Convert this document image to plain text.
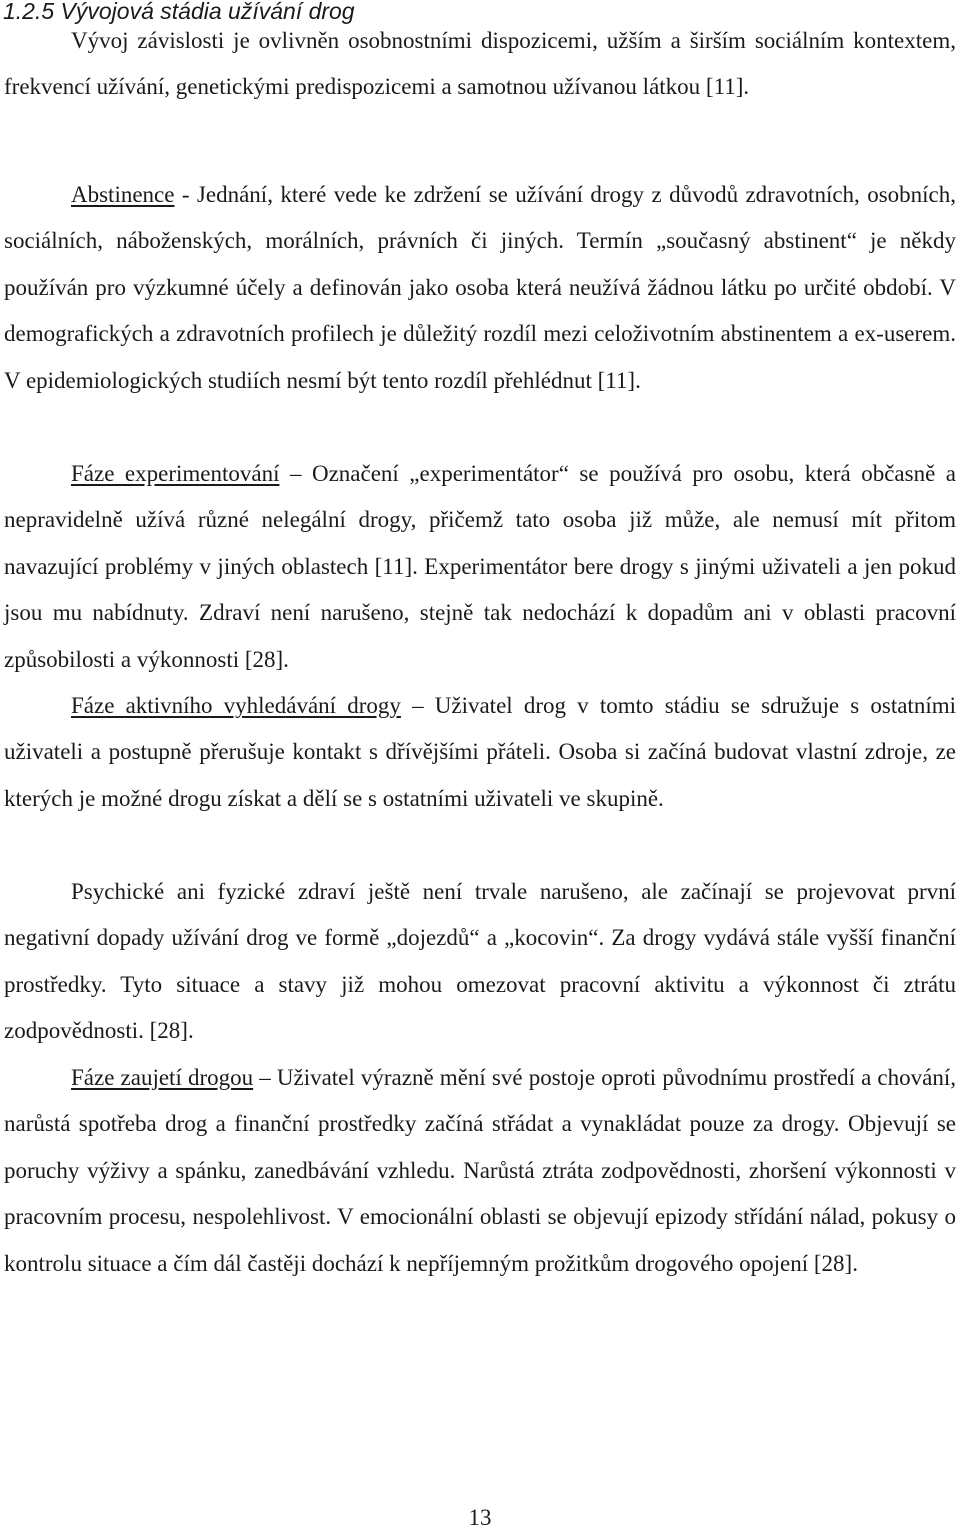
1.2.5 Vývojová stádia užívání drog

Vývoj závislosti je ovlivněn osobnostními dispozicemi, užším a širším sociálním kontextem, frekvencí užívání, genetickými predispozicemi a samotnou užívanou látkou [11].

Abstinence - Jednání, které vede ke zdržení se užívání drogy z důvodů zdravotních, osobních, sociálních, náboženských, morálních, právních či jiných. Termín „současný abstinent“ je někdy používán pro výzkumné účely a definován jako osoba která neužívá žádnou látku po určité období. V demografických a zdravotních profilech je důležitý rozdíl mezi celoživotním abstinentem a ex-userem. V epidemiologických studiích nesmí být tento rozdíl přehlédnut [11].

Fáze experimentování – Označení „experimentátor“ se používá pro osobu, která občasně a nepravidelně užívá různé nelegální drogy, přičemž tato osoba již může, ale nemusí mít přitom navazující problémy v jiných oblastech [11]. Experimentátor bere drogy s jinými uživateli a jen pokud jsou mu nabídnuty. Zdraví není narušeno, stejně tak nedochází k dopadům ani v oblasti pracovní způsobilosti a výkonnosti [28].

Fáze aktivního vyhledávání drogy – Uživatel drog v tomto stádiu se sdružuje s ostatními uživateli a postupně přerušuje kontakt s dřívějšími přáteli. Osoba si začíná budovat vlastní zdroje, ze kterých je možné drogu získat a dělí se s ostatními uživateli ve skupině.

Psychické ani fyzické zdraví ještě není trvale narušeno, ale začínají se projevovat první negativní dopady užívání drog ve formě „dojezdů“ a „kocovin“. Za drogy vydává stále vyšší finanční prostředky. Tyto situace a stavy již mohou omezovat pracovní aktivitu a výkonnost či ztrátu zodpovědnosti. [28].

Fáze zaujetí drogou – Uživatel výrazně mění své postoje oproti původnímu prostředí a chování, narůstá spotřeba drog a finanční prostředky začíná střádat a vynakládat pouze za drogy. Objevují se poruchy výživy a spánku, zanedbávání vzhledu. Narůstá ztráta zodpovědnosti, zhoršení výkonnosti v pracovním procesu, nespolehlivost. V emocionální oblasti se objevují epizody střídání nálad, pokusy o kontrolu situace a čím dál častěji dochází k nepříjemným prožitkům drogového opojení [28].

13
